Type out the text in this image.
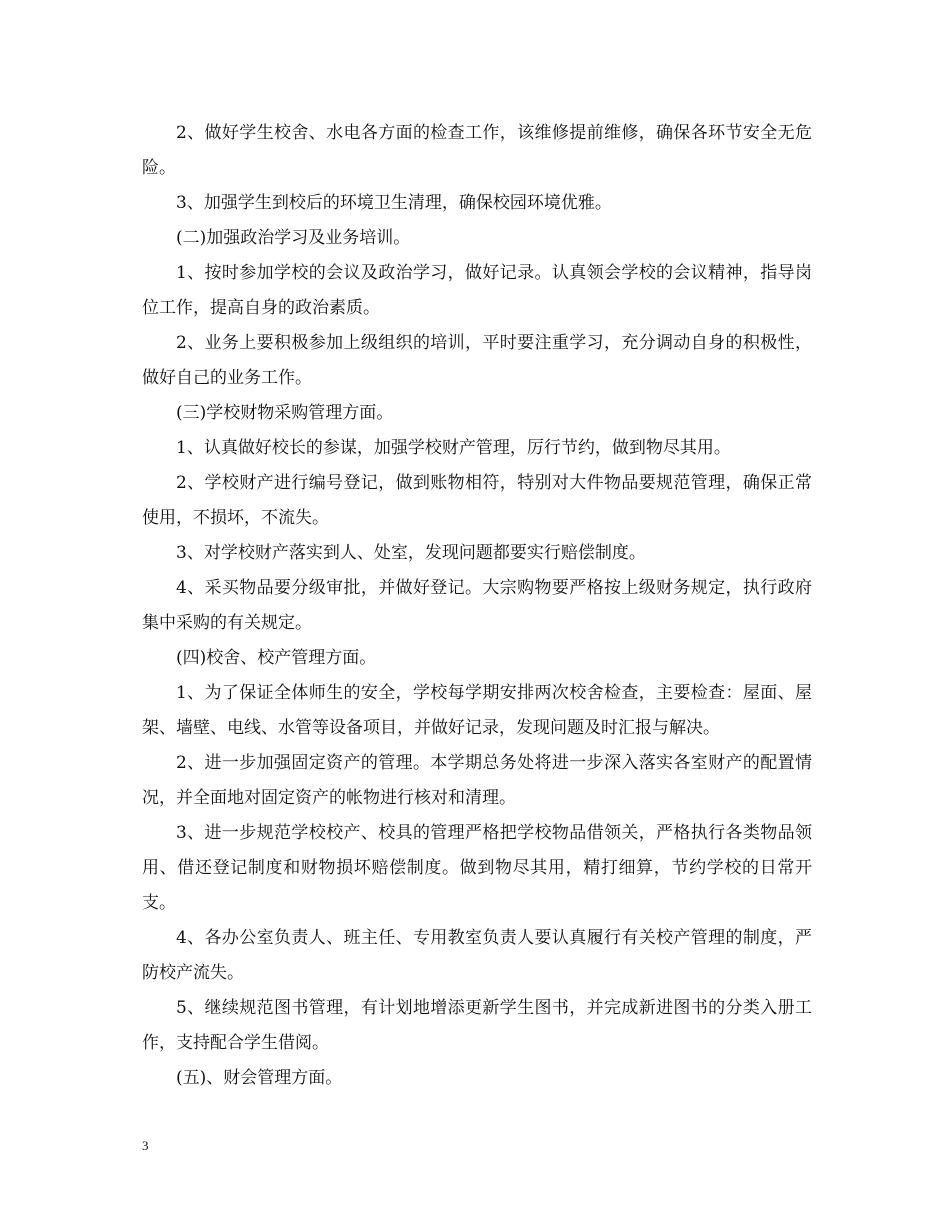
2、做好学生校舍、水电各方面的检查工作，该维修提前维修，确保各环节安全无危险。

3、加强学生到校后的环境卫生清理，确保校园环境优雅。

(二)加强政治学习及业务培训。

1、按时参加学校的会议及政治学习，做好记录。认真领会学校的会议精神，指导岗位工作，提高自身的政治素质。

2、业务上要积极参加上级组织的培训，平时要注重学习，充分调动自身的积极性，做好自己的业务工作。

(三)学校财物采购管理方面。

1、认真做好校长的参谋，加强学校财产管理，厉行节约，做到物尽其用。

2、学校财产进行编号登记，做到账物相符，特别对大件物品要规范管理，确保正常使用，不损坏，不流失。

3、对学校财产落实到人、处室，发现问题都要实行赔偿制度。

4、采买物品要分级审批，并做好登记。大宗购物要严格按上级财务规定，执行政府集中采购的有关规定。

(四)校舍、校产管理方面。

1、为了保证全体师生的安全，学校每学期安排两次校舍检查，主要检查：屋面、屋架、墙壁、电线、水管等设备项目，并做好记录，发现问题及时汇报与解决。

2、进一步加强固定资产的管理。本学期总务处将进一步深入落实各室财产的配置情况，并全面地对固定资产的帐物进行核对和清理。

3、进一步规范学校校产、校具的管理严格把学校物品借领关，严格执行各类物品领用、借还登记制度和财物损坏赔偿制度。做到物尽其用，精打细算，节约学校的日常开支。

4、各办公室负责人、班主任、专用教室负责人要认真履行有关校产管理的制度，严防校产流失。

5、继续规范图书管理，有计划地增添更新学生图书，并完成新进图书的分类入册工作，支持配合学生借阅。

(五)、财会管理方面。

3
